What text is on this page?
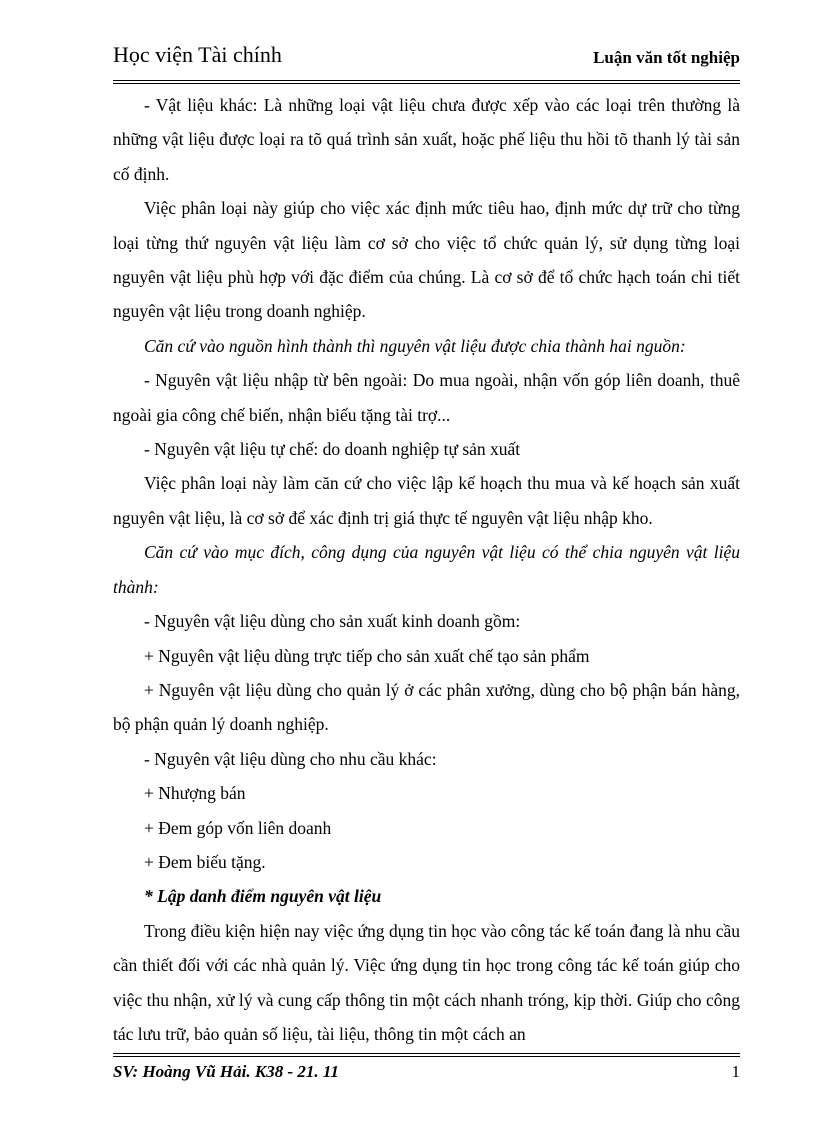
Học viện Tài chính	Luận văn tốt nghiệp

- Vật liệu khác: Là những loại vật liệu chưa được xếp vào các loại trên thường là những vật liệu được loại ra tõ quá trình sản xuất, hoặc phế liệu thu hồi tõ thanh lý tài sản cố định.

Việc phân loại này giúp cho việc xác định mức tiêu hao, định mức dự trữ cho từng loại từng thứ nguyên vật liệu làm cơ sở cho việc tổ chức quản lý, sử dụng từng loại nguyên vật liệu phù hợp với đặc điểm của chúng. Là cơ sở để tổ chức hạch toán chi tiết nguyên vật liệu trong doanh nghiệp.

Căn cứ vào nguồn hình thành thì nguyên vật liệu được chia thành hai nguồn:

- Nguyên vật liệu nhập từ bên ngoài: Do mua ngoài, nhận vốn góp liên doanh, thuê ngoài gia công chế biến, nhận biếu tặng tài trợ...

- Nguyên vật liệu tự chế: do doanh nghiệp tự sản xuất

Việc phân loại này làm căn cứ cho việc lập kế hoạch thu mua và kế hoạch sản xuất nguyên vật liệu, là cơ sở để xác định trị giá thực tế nguyên vật liệu nhập kho.

Căn cứ vào mục đích, công dụng của nguyên vật liệu có thể chia nguyên vật liệu thành:

- Nguyên vật liệu dùng cho sản xuất kinh doanh gồm:

+ Nguyên vật liệu dùng trực tiếp cho sản xuất chế tạo sản phẩm

+ Nguyên vật liệu dùng cho quản lý ở các phân xưởng, dùng cho bộ phận bán hàng, bộ phận quản lý doanh nghiệp.

- Nguyên vật liệu dùng cho nhu cầu khác:

+ Nhượng bán

+ Đem góp vốn liên doanh

+ Đem biếu tặng.

* Lập danh điểm nguyên vật liệu

Trong điều kiện hiện nay việc ứng dụng tin học vào công tác kế toán đang là nhu cầu cần thiết đối với các nhà quản lý. Việc ứng dụng tin học trong công tác kế toán giúp cho việc thu nhận, xử lý và cung cấp thông tin một cách nhanh tróng, kịp thời. Giúp cho công tác lưu trữ, bảo quản số liệu, tài liệu, thông tin một cách an

SV: Hoàng Vũ Hải. K38 - 21. 11	1
